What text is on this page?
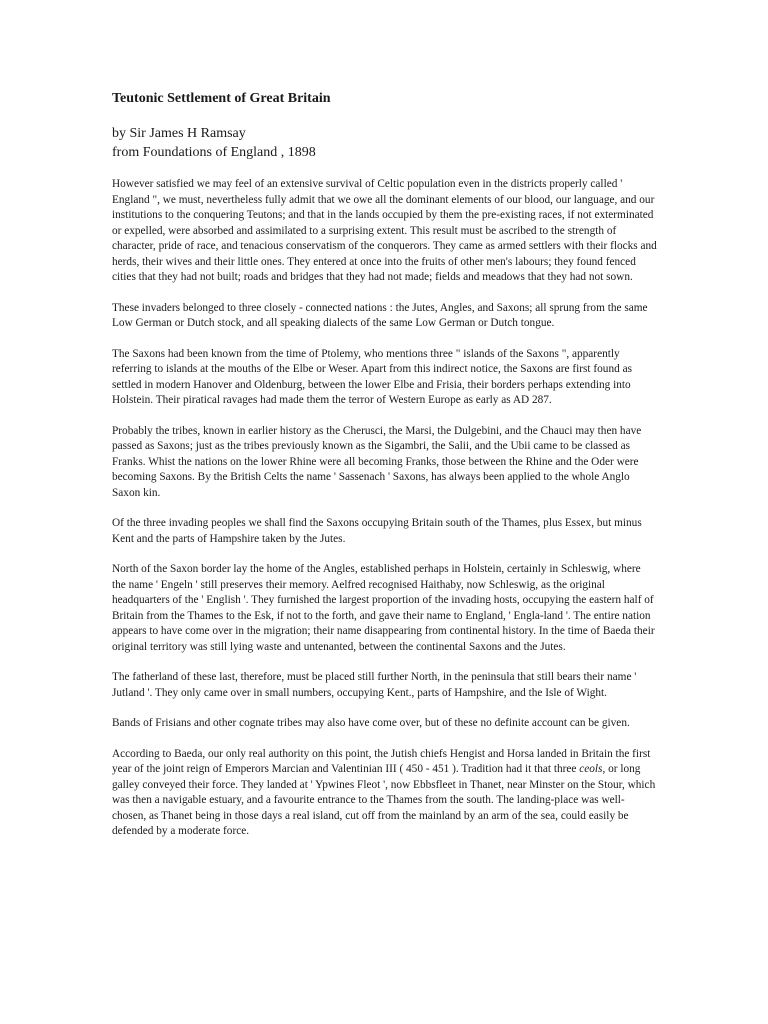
Teutonic Settlement of Great Britain
by Sir James H Ramsay
from Foundations of England , 1898

However satisfied we may feel of an extensive survival of Celtic population even in the districts properly called ' England ", we must, nevertheless fully admit that we owe all the dominant elements of our blood, our language, and our institutions to the conquering Teutons; and that in the lands occupied by them the pre-existing races, if not exterminated or expelled, were absorbed and assimilated to a surprising extent. This result must be ascribed to the strength of character, pride of race, and tenacious conservatism of the conquerors. They came as armed settlers with their flocks and herds, their wives and their little ones. They entered at once into the fruits of other men's labours; they found fenced cities that they had not built; roads and bridges that they had not made; fields and meadows that they had not sown.

These invaders belonged to three closely - connected nations : the Jutes, Angles, and Saxons; all sprung from the same Low German or Dutch stock, and all speaking dialects of the same Low German or Dutch tongue.

The Saxons had been known from the time of Ptolemy, who mentions three " islands of the Saxons ", apparently referring to islands at the mouths of the Elbe or Weser. Apart from this indirect notice, the Saxons are first found as settled in modern Hanover and Oldenburg, between the lower Elbe and Frisia, their borders perhaps extending into Holstein. Their piratical ravages had made them the terror of Western Europe as early as AD 287.

Probably the tribes, known in earlier history as the Cherusci, the Marsi, the Dulgebini, and the Chauci may then have passed as Saxons; just as the tribes previously known as the Sigambri, the Salii, and the Ubii came to be classed as Franks. Whist the nations on the lower Rhine were all becoming Franks, those between the Rhine and the Oder were becoming Saxons. By the British Celts the name ' Sassenach ' Saxons, has always been applied to the whole Anglo Saxon kin.

Of the three invading peoples we shall find the Saxons occupying Britain south of the Thames, plus Essex, but minus Kent and the parts of Hampshire taken by the Jutes.

North of the Saxon border lay the home of the Angles, established perhaps in Holstein, certainly in Schleswig, where the name ' Engeln ' still preserves their memory. Aelfred recognised Haithaby, now Schleswig, as the original headquarters of the ' English '. They furnished the largest proportion of the invading hosts, occupying the eastern half of Britain from the Thames to the Esk, if not to the forth, and gave their name to England, ' Engla-land '. The entire nation appears to have come over in the migration; their name disappearing from continental history. In the time of Baeda their original territory was still lying waste and untenanted, between the continental Saxons and the Jutes.

The fatherland of these last, therefore, must be placed still further North, in the peninsula that still bears their name ' Jutland '. They only came over in small numbers, occupying Kent., parts of Hampshire, and the Isle of Wight.

Bands of Frisians and other cognate tribes may also have come over, but of these no definite account can be given.

According to Baeda, our only real authority on this point, the Jutish chiefs Hengist and Horsa landed in Britain the first year of the joint reign of Emperors Marcian and Valentinian III ( 450 - 451 ). Tradition had it that three ceols, or long galley conveyed their force. They landed at ' Ypwines Fleot ', now Ebbsfleet in Thanet, near Minster on the Stour, which was then a navigable estuary, and a favourite entrance to the Thames from the south. The landing-place was well-chosen, as Thanet being in those days a real island, cut off from the mainland by an arm of the sea, could easily be defended by a moderate force.
